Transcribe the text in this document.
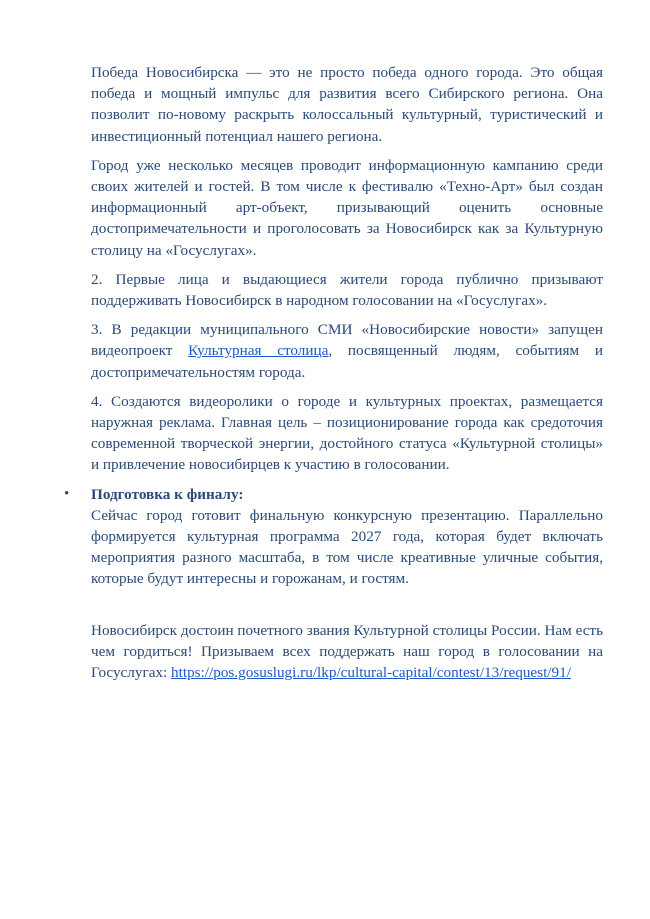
Победа Новосибирска — это не просто победа одного города. Это общая победа и мощный импульс для развития всего Сибирского региона. Она позволит по-новому раскрыть колоссальный культурный, туристический и инвестиционный потенциал нашего региона.

Город уже несколько месяцев проводит информационную кампанию среди своих жителей и гостей. В том числе к фестивалю «Техно-Арт» был создан информационный арт-объект, призывающий оценить основные достопримечательности и проголосовать за Новосибирск как за Культурную столицу на «Госуслугах».

2. Первые лица и выдающиеся жители города публично призывают поддерживать Новосибирск в народном голосовании на «Госуслугах».

3. В редакции муниципального СМИ «Новосибирские новости» запущен видеопроект Культурная столица, посвященный людям, событиям и достопримечательностям города.

4. Создаются видеоролики о городе и культурных проектах, размещается наружная реклама. Главная цель – позиционирование города как средоточия современной творческой энергии, достойного статуса «Культурной столицы» и привлечение новосибирцев к участию в голосовании.

• Подготовка к финалу:

Сейчас город готовит финальную конкурсную презентацию. Параллельно формируется культурная программа 2027 года, которая будет включать мероприятия разного масштаба, в том числе креативные уличные события, которые будут интересны и горожанам, и гостям.

Новосибирск достоин почетного звания Культурной столицы России. Нам есть чем гордиться! Призываем всех поддержать наш город в голосовании на Госуслугах: https://pos.gosuslugi.ru/lkp/cultural-capital/contest/13/request/91/
